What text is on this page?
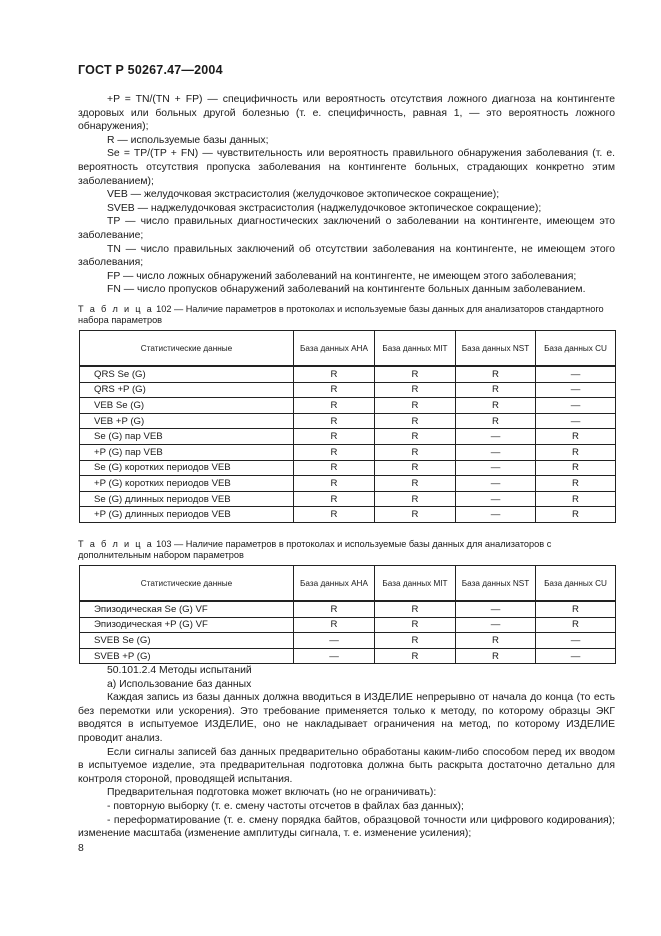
ГОСТ Р 50267.47—2004

+P = TN/(TN + FP) — специфичность или вероятность отсутствия ложного диагноза на контингенте здоровых или больных другой болезнью (т. е. специфичность, равная 1, — это вероятность ложного обнаружения);

R — используемые базы данных;

Se = TP/(TP + FN) — чувствительность или вероятность правильного обнаружения заболевания (т. е. вероятность отсутствия пропуска заболевания на контингенте больных, страдающих конкретно этим заболеванием);

VEB — желудочковая экстрасистолия (желудочковое эктопическое сокращение);

SVEB — наджелудочковая экстрасистолия (наджелудочковое эктопическое сокращение);

TP — число правильных диагностических заключений о заболевании на контингенте, имеющем это заболевание;

TN — число правильных заключений об отсутствии заболевания на контингенте, не имеющем этого заболевания;

FP — число ложных обнаружений заболеваний на контингенте, не имеющем этого заболевания;

FN — число пропусков обнаружений заболеваний на контингенте больных данным заболеванием.

Т а б л и ц а 102 — Наличие параметров в протоколах и используемые базы данных для анализаторов стандартного набора параметров
Статистические данные	База данных АНА	База данных MIT	База данных NST	База данных CU
QRS Se (G)	R	R	R	—
QRS +P (G)	R	R	R	—
VEB Se (G)	R	R	R	—
VEB +P (G)	R	R	R	—
Se (G) пар VEB	R	R	—	R
+P (G) пар VEB	R	R	—	R
Se (G) коротких периодов VEB	R	R	—	R
+P (G) коротких периодов VEB	R	R	—	R
Se (G) длинных периодов VEB	R	R	—	R
+P (G) длинных периодов VEB	R	R	—	R
Т а б л и ц а 103 — Наличие параметров в протоколах и используемые базы данных для анализаторов с дополнительным набором параметров
Статистические данные	База данных АНА	База данных MIT	База данных NST	База данных CU
Эпизодическая Se (G) VF	R	R	—	R
Эпизодическая +P (G) VF	R	R	—	R
SVEB Se (G)	—	R	R	—
SVEB +P (G)	—	R	R	—

50.101.2.4 Методы испытаний

а) Использование баз данных

Каждая запись из базы данных должна вводиться в ИЗДЕЛИЕ непрерывно от начала до конца (то есть без перемотки или ускорения). Это требование применяется только к методу, по которому образцы ЭКГ вводятся в испытуемое ИЗДЕЛИЕ, оно не накладывает ограничения на метод, по которому ИЗДЕЛИЕ проводит анализ.

Если сигналы записей баз данных предварительно обработаны каким-либо способом перед их вводом в испытуемое изделие, эта предварительная подготовка должна быть раскрыта достаточно детально для контроля стороной, проводящей испытания.

Предварительная подготовка может включать (но не ограничивать):

- повторную выборку (т. е. смену частоты отсчетов в файлах баз данных);

- переформатирование (т. е. смену порядка байтов, образцовой точности или цифрового кодирования); изменение масштаба (изменение амплитуды сигнала, т. е. изменение усиления);

8
